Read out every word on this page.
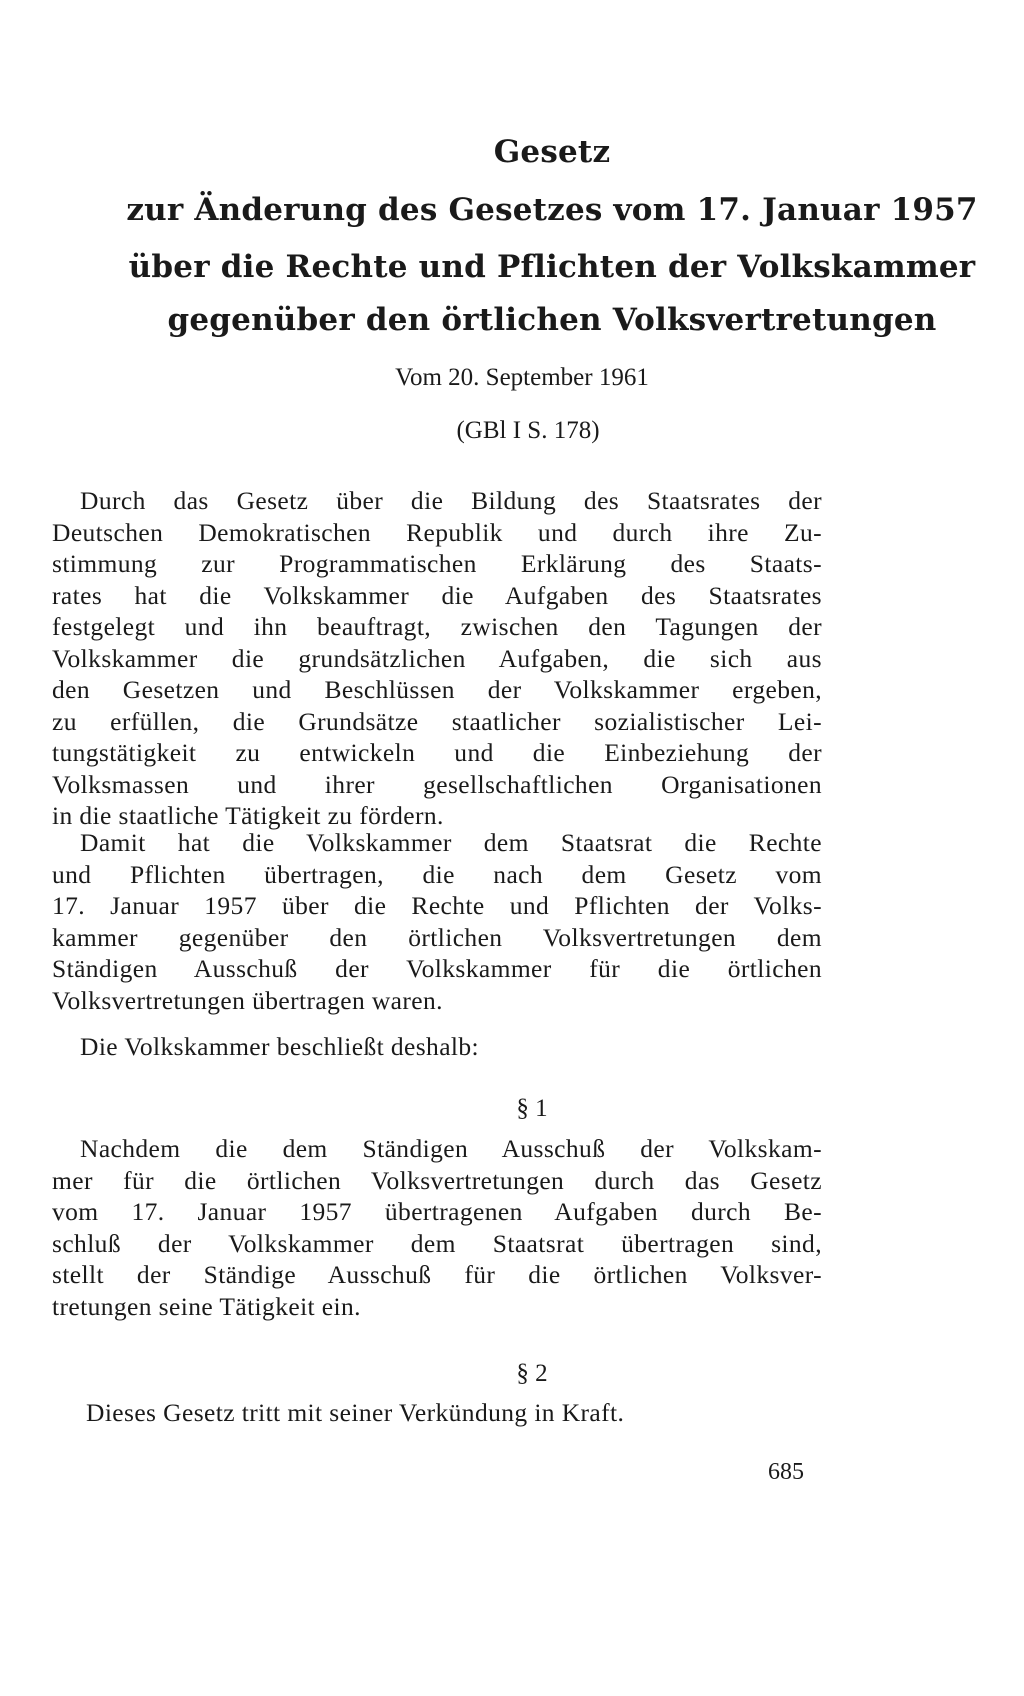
Gesetz
zur Änderung des Gesetzes vom 17. Januar 1957
über die Rechte und Pflichten der Volkskammer
gegenüber den örtlichen Volksvertretungen
Vom 20. September 1961
(GBl I S. 178)
Durch das Gesetz über die Bildung des Staatsrates der
Deutschen Demokratischen Republik und durch ihre Zu-
stimmung zur Programmatischen Erklärung des Staats-
rates hat die Volkskammer die Aufgaben des Staatsrates
festgelegt und ihn beauftragt, zwischen den Tagungen der
Volkskammer die grundsätzlichen Aufgaben, die sich aus
den Gesetzen und Beschlüssen der Volkskammer ergeben,
zu erfüllen, die Grundsätze staatlicher sozialistischer Lei-
tungstätigkeit zu entwickeln und die Einbeziehung der
Volksmassen und ihrer gesellschaftlichen Organisationen
in die staatliche Tätigkeit zu fördern.
Damit hat die Volkskammer dem Staatsrat die Rechte
und Pflichten übertragen, die nach dem Gesetz vom
17. Januar 1957 über die Rechte und Pflichten der Volks-
kammer gegenüber den örtlichen Volksvertretungen dem
Ständigen Ausschuß der Volkskammer für die örtlichen
Volksvertretungen übertragen waren.
Die Volkskammer beschließt deshalb:
§ 1
Nachdem die dem Ständigen Ausschuß der Volkskam-
mer für die örtlichen Volksvertretungen durch das Gesetz
vom 17. Januar 1957 übertragenen Aufgaben durch Be-
schluß der Volkskammer dem Staatsrat übertragen sind,
stellt der Ständige Ausschuß für die örtlichen Volksver-
tretungen seine Tätigkeit ein.
§ 2
Dieses Gesetz tritt mit seiner Verkündung in Kraft.
685
